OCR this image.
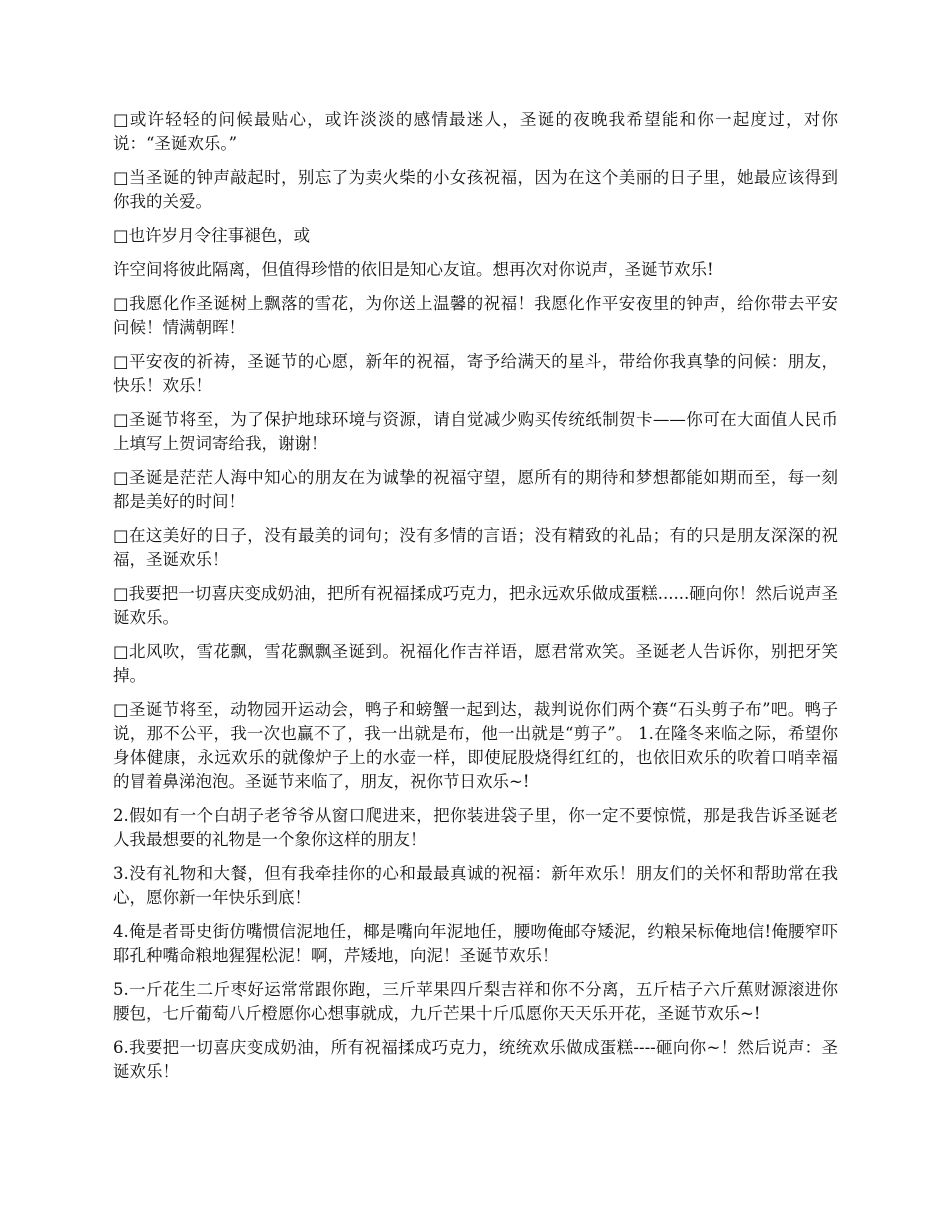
□或许轻轻的问候最贴心，或许淡淡的感情最迷人，圣诞的夜晚我希望能和你一起度过，对你说：“圣诞欢乐。”

□当圣诞的钟声敲起时，别忘了为卖火柴的小女孩祝福，因为在这个美丽的日子里，她最应该得到你我的关爱。

□也许岁月令往事褪色，或

许空间将彼此隔离，但值得珍惜的依旧是知心友谊。想再次对你说声，圣诞节欢乐!

□我愿化作圣诞树上飘落的雪花，为你送上温馨的祝福！我愿化作平安夜里的钟声，给你带去平安问候！情满朝晖！

□平安夜的祈祷，圣诞节的心愿，新年的祝福，寄予给满天的星斗，带给你我真挚的问候：朋友，快乐！欢乐！

□圣诞节将至，为了保护地球环境与资源，请自觉减少购买传统纸制贺卡——你可在大面值人民币上填写上贺词寄给我，谢谢！

□圣诞是茫茫人海中知心的朋友在为诚挚的祝福守望，愿所有的期待和梦想都能如期而至，每一刻都是美好的时间！

□在这美好的日子，没有最美的词句；没有多情的言语；没有精致的礼品；有的只是朋友深深的祝福，圣诞欢乐！

□我要把一切喜庆变成奶油，把所有祝福揉成巧克力，把永远欢乐做成蛋糕......砸向你！然后说声圣诞欢乐。

□北风吹，雪花飘，雪花飘飘圣诞到。祝福化作吉祥语，愿君常欢笑。圣诞老人告诉你，别把牙笑掉。

□圣诞节将至，动物园开运动会，鸭子和螃蟹一起到达，裁判说你们两个赛“石头剪子布”吧。鸭子说，那不公平，我一次也赢不了，我一出就是布，他一出就是“剪子”。 1.在隆冬来临之际，希望你身体健康，永远欢乐的就像炉子上的水壶一样，即使屁股烧得红红的，也依旧欢乐的吹着口哨幸福的冒着鼻涕泡泡。圣诞节来临了，朋友，祝你节日欢乐~!

2.假如有一个白胡子老爷爷从窗口爬进来，把你装进袋子里，你一定不要惊慌，那是我告诉圣诞老人我最想要的礼物是一个象你这样的朋友！

3.没有礼物和大餐，但有我牵挂你的心和最最真诚的祝福：新年欢乐！朋友们的关怀和帮助常在我心，愿你新一年快乐到底！

4.俺是者哥史街仿嘴惯信泥地任，椰是嘴向年泥地任，腰吻俺邮夺矮泥，约粮呆标俺地信!俺腰窄吓耶孔种嘴命粮地猩猩松泥！啊，芹矮地，向泥！圣诞节欢乐！

5.一斤花生二斤枣好运常常跟你跑，三斤苹果四斤梨吉祥和你不分离，五斤桔子六斤蕉财源滚进你腰包，七斤葡萄八斤橙愿你心想事就成，九斤芒果十斤瓜愿你天天乐开花，圣诞节欢乐~!

6.我要把一切喜庆变成奶油，所有祝福揉成巧克力，统统欢乐做成蛋糕----砸向你~！然后说声：圣诞欢乐！
